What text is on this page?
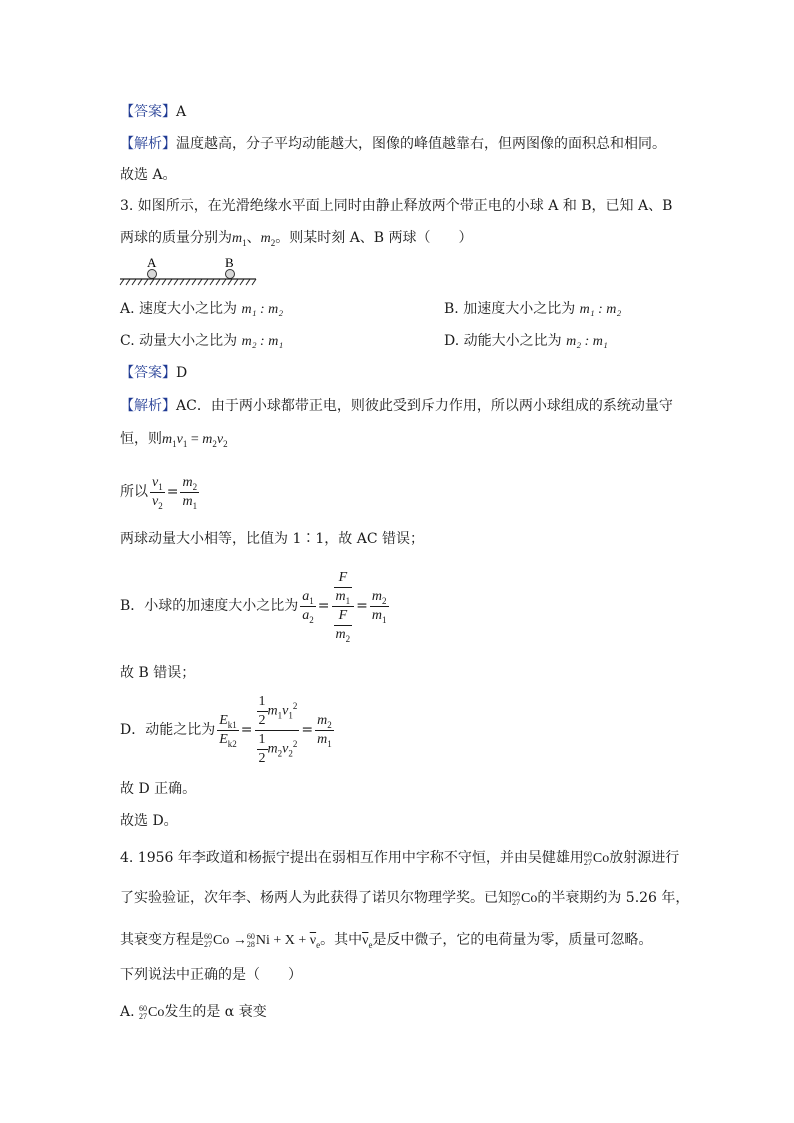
【答案】A
【解析】温度越高，分子平均动能越大，图像的峰值越靠右，但两图像的面积总和相同。
故选 A。
3. 如图所示，在光滑绝缘水平面上同时由静止释放两个带正电的小球 A 和 B，已知 A、B
两球的质量分别为$m_1$、$m_2$。则某时刻 A、B 两球（　　）
A	B
A. 速度大小之比为 m₁ : m₂	B. 加速度大小之比为 m₁ : m₂
C. 动量大小之比为 m₂ : m₁	D. 动能大小之比为 m₂ : m₁
【答案】D
【解析】AC．由于两小球都带正电，则彼此受到斥力作用，所以两小球组成的系统动量守
恒，则$m_1v_1 = m_2v_2$
所以 $\frac{v_1}{v_2} = \frac{m_2}{m_1}$
两球动量大小相等，比值为 1∶1，故 AC 错误；
B．小球的加速度大小之比为 $\frac{a_1}{a_2} = \frac{\frac{F}{m_1}}{\frac{F}{m_2}} = \frac{m_2}{m_1}$
故 B 错误；
D．动能之比为 $\frac{E_{k1}}{E_{k2}} = \frac{\frac{1}{2} m_1v_1^2}{\frac{1}{2} m_2v_2^2} = \frac{m_2}{m_1}$
故 D 正确。
故选 D。
4. 1956 年李政道和杨振宁提出在弱相互作用中宇称不守恒，并由吴健雄用 60
27 Co放射源进行
了实验验证，次年李、杨两人为此获得了诺贝尔物理学奖。已知 60
27 Co的半衰期约为 5.26 年，
其衰变方程是 60
27 Co → 60
28 $Ni + X + \overline{\nu}_e$。其中$\overline{\nu}_e$是反中微子，它的电荷量为零，质量可忽略。
下列说法中正确的是（　　）
A. 60
27 Co发生的是 α 衰变
